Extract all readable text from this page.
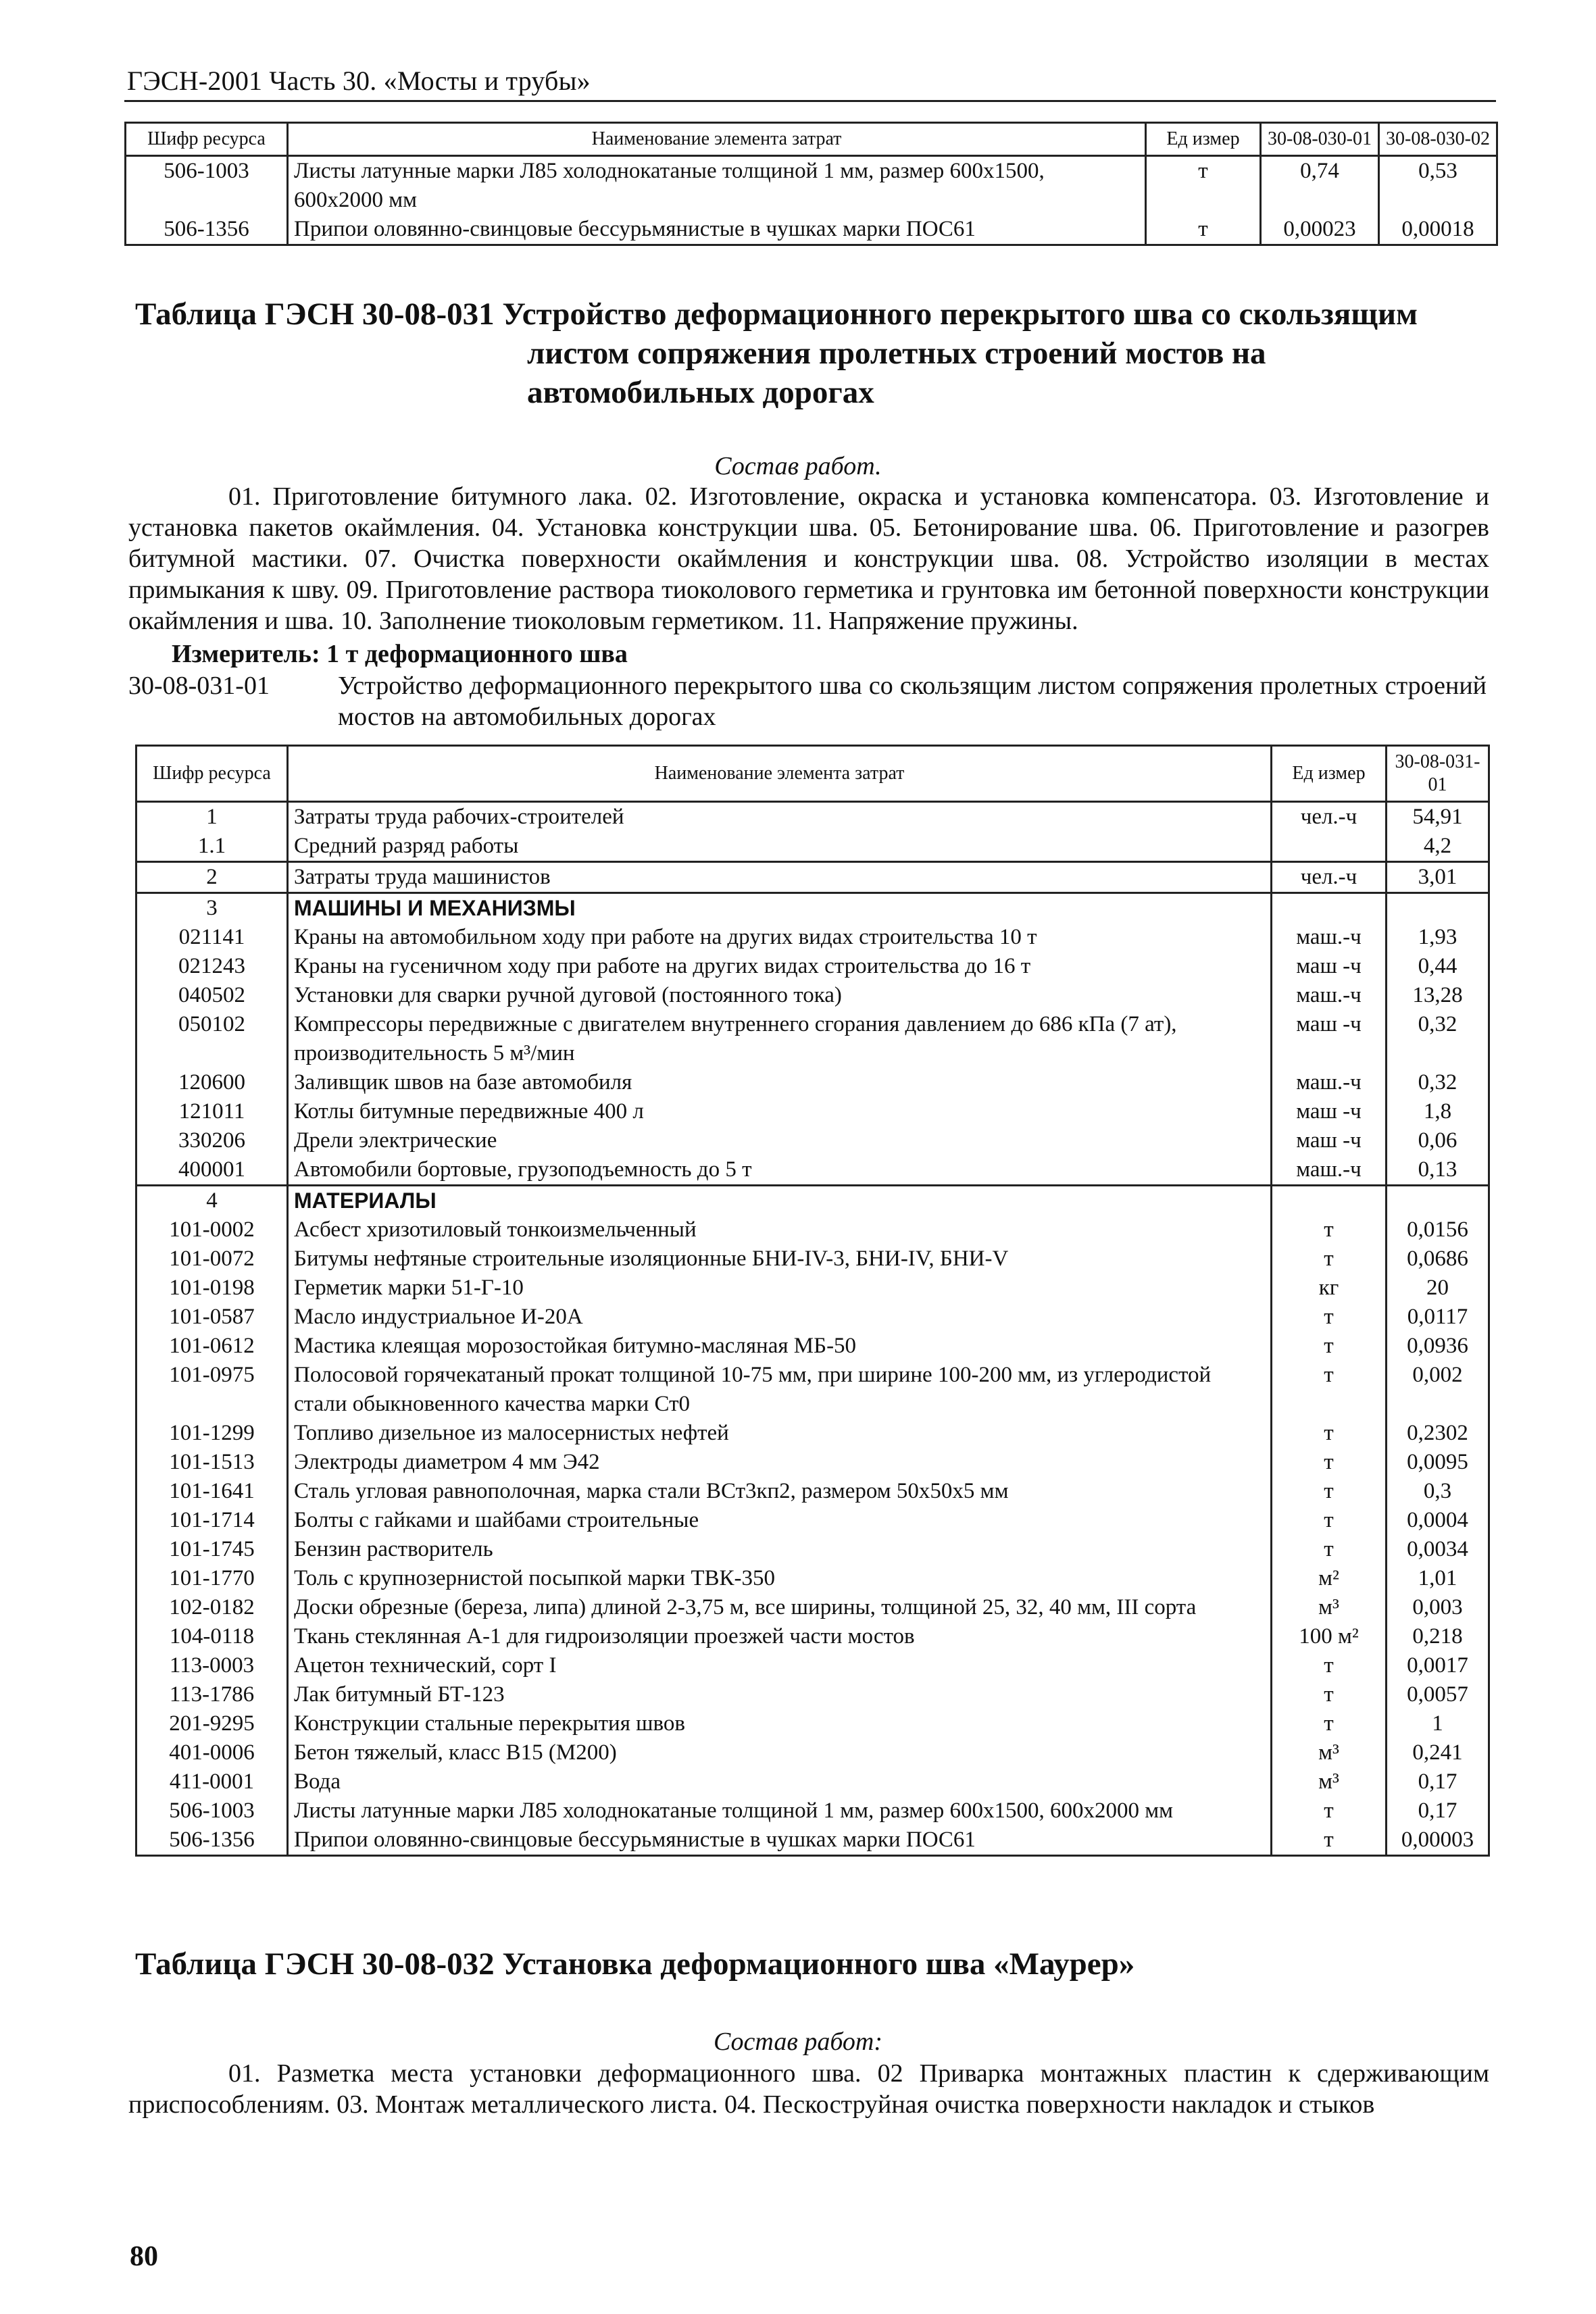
ГЭСН-2001 Часть 30. «Мосты и трубы»
Шифр ресурса	Наименование элемента затрат	Ед измер	30-08-030-01	30-08-030-02
506-1003	Листы латунные марки Л85 холоднокатаные толщиной 1 мм, размер 600х1500, 600х2000 мм	т	0,74	0,53
506-1356	Припои оловянно-свинцовые бессурьмянистые в чушках марки ПОС61	т	0,00023	0,00018
Таблица ГЭСН 30-08-031 Устройство деформационного перекрытого шва со скользящим
листом сопряжения пролетных строений мостов на автомобильных дорогах
Состав работ.
01. Приготовление битумного лака. 02. Изготовление, окраска и установка компенсатора. 03. Изготовление и установка пакетов окаймления. 04. Установка конструкции шва. 05. Бетонирование шва. 06. Приготовление и разогрев битумной мастики. 07. Очистка поверхности окаймления и конструкции шва. 08. Устройство изоляции в местах примыкания к шву. 09. Приготовление раствора тиоколового герметика и грунтовка им бетонной поверхности конструкции окаймления и шва. 10. Заполнение тиоколовым герметиком. 11. Напряжение пружины.
Измеритель: 1 т деформационного шва
30-08-031-01	Устройство деформационного перекрытого шва со скользящим листом сопряжения пролетных строений мостов на автомобильных дорогах
Шифр ресурса	Наименование элемента затрат	Ед измер	30-08-031-01
1	Затраты труда рабочих-строителей	чел.-ч	54,91
1.1	Средний разряд работы		4,2
2	Затраты труда машинистов	чел.-ч	3,01
3	МАШИНЫ И МЕХАНИЗМЫ		
021141	Краны на автомобильном ходу при работе на других видах строительства 10 т	маш.-ч	1,93
021243	Краны на гусеничном ходу при работе на других видах строительства до 16 т	маш -ч	0,44
040502	Установки для сварки ручной дуговой (постоянного тока)	маш.-ч	13,28
050102	Компрессоры передвижные с двигателем внутреннего сгорания давлением до 686 кПа (7 ат), производительность 5 м³/мин	маш -ч	0,32
120600	Заливщик швов на базе автомобиля	маш.-ч	0,32
121011	Котлы битумные передвижные 400 л	маш -ч	1,8
330206	Дрели электрические	маш -ч	0,06
400001	Автомобили бортовые, грузоподъемность до 5 т	маш.-ч	0,13
4	МАТЕРИАЛЫ		
101-0002	Асбест хризотиловый тонкоизмельченный	т	0,0156
101-0072	Битумы нефтяные строительные изоляционные БНИ-IV-3, БНИ-IV, БНИ-V	т	0,0686
101-0198	Герметик марки 51-Г-10	кг	20
101-0587	Масло индустриальное И-20А	т	0,0117
101-0612	Мастика клеящая морозостойкая битумно-масляная МБ-50	т	0,0936
101-0975	Полосовой горячекатаный прокат толщиной 10-75 мм, при ширине 100-200 мм, из углеродистой стали обыкновенного качества марки Ст0	т	0,002
101-1299	Топливо дизельное из малосернистых нефтей	т	0,2302
101-1513	Электроды диаметром 4 мм Э42	т	0,0095
101-1641	Сталь угловая равнополочная, марка стали ВСт3кп2, размером 50х50х5 мм	т	0,3
101-1714	Болты с гайками и шайбами строительные	т	0,0004
101-1745	Бензин растворитель	т	0,0034
101-1770	Толь с крупнозернистой посыпкой марки ТВК-350	м²	1,01
102-0182	Доски обрезные (береза, липа) длиной 2-3,75 м, все ширины, толщиной 25, 32, 40 мм, III сорта	м³	0,003
104-0118	Ткань стеклянная А-1 для гидроизоляции проезжей части мостов	100 м²	0,218
113-0003	Ацетон технический, сорт I	т	0,0017
113-1786	Лак битумный БТ-123	т	0,0057
201-9295	Конструкции стальные перекрытия швов	т	1
401-0006	Бетон тяжелый, класс В15 (М200)	м³	0,241
411-0001	Вода	м³	0,17
506-1003	Листы латунные марки Л85 холоднокатаные толщиной 1 мм, размер 600х1500, 600х2000 мм	т	0,17
506-1356	Припои оловянно-свинцовые бессурьмянистые в чушках марки ПОС61	т	0,00003
Таблица ГЭСН 30-08-032 Установка деформационного шва «Маурер»
Состав работ:
01. Разметка места установки деформационного шва. 02 Приварка монтажных пластин к сдерживающим приспособлениям. 03. Монтаж металлического листа. 04. Пескоструйная очистка поверхности накладок и стыков
80
